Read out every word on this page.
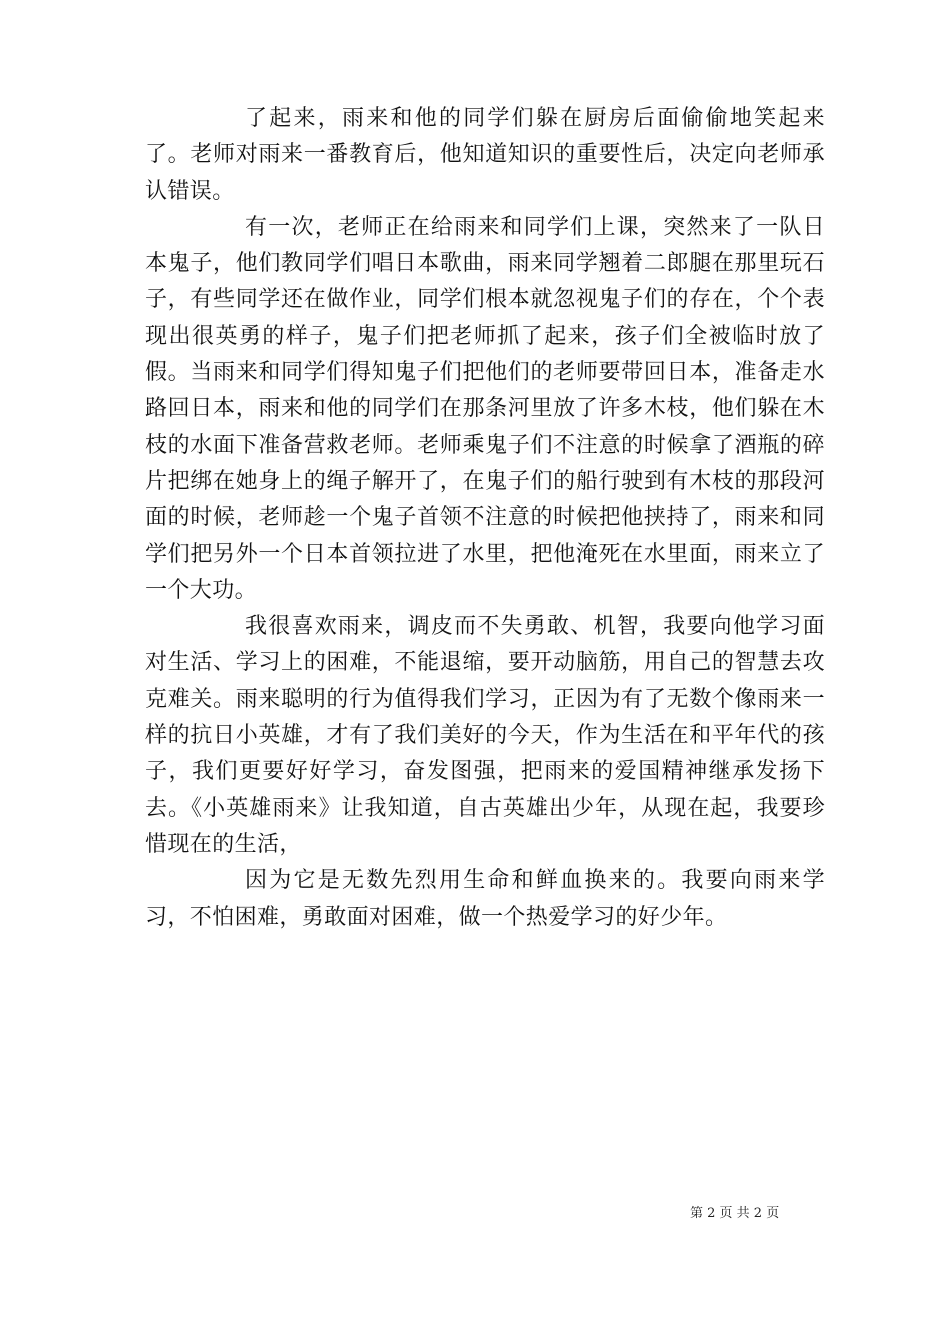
了起来，雨来和他的同学们躲在厨房后面偷偷地笑起来了。老师对雨来一番教育后，他知道知识的重要性后，决定向老师承认错误。

有一次，老师正在给雨来和同学们上课，突然来了一队日本鬼子，他们教同学们唱日本歌曲，雨来同学翘着二郎腿在那里玩石子，有些同学还在做作业，同学们根本就忽视鬼子们的存在，个个表现出很英勇的样子，鬼子们把老师抓了起来，孩子们全被临时放了假。当雨来和同学们得知鬼子们把他们的老师要带回日本，准备走水路回日本，雨来和他的同学们在那条河里放了许多木枝，他们躲在木枝的水面下准备营救老师。老师乘鬼子们不注意的时候拿了酒瓶的碎片把绑在她身上的绳子解开了，在鬼子们的船行驶到有木枝的那段河面的时候，老师趁一个鬼子首领不注意的时候把他挟持了，雨来和同学们把另外一个日本首领拉进了水里，把他淹死在水里面，雨来立了一个大功。

我很喜欢雨来，调皮而不失勇敢、机智，我要向他学习面对生活、学习上的困难，不能退缩，要开动脑筋，用自己的智慧去攻克难关。雨来聪明的行为值得我们学习，正因为有了无数个像雨来一样的抗日小英雄，才有了我们美好的今天，作为生活在和平年代的孩子，我们更要好好学习，奋发图强，把雨来的爱国精神继承发扬下去。《小英雄雨来》让我知道，自古英雄出少年，从现在起，我要珍惜现在的生活，

因为它是无数先烈用生命和鲜血换来的。我要向雨来学习，不怕困难，勇敢面对困难，做一个热爱学习的好少年。

第 2 页 共 2 页
